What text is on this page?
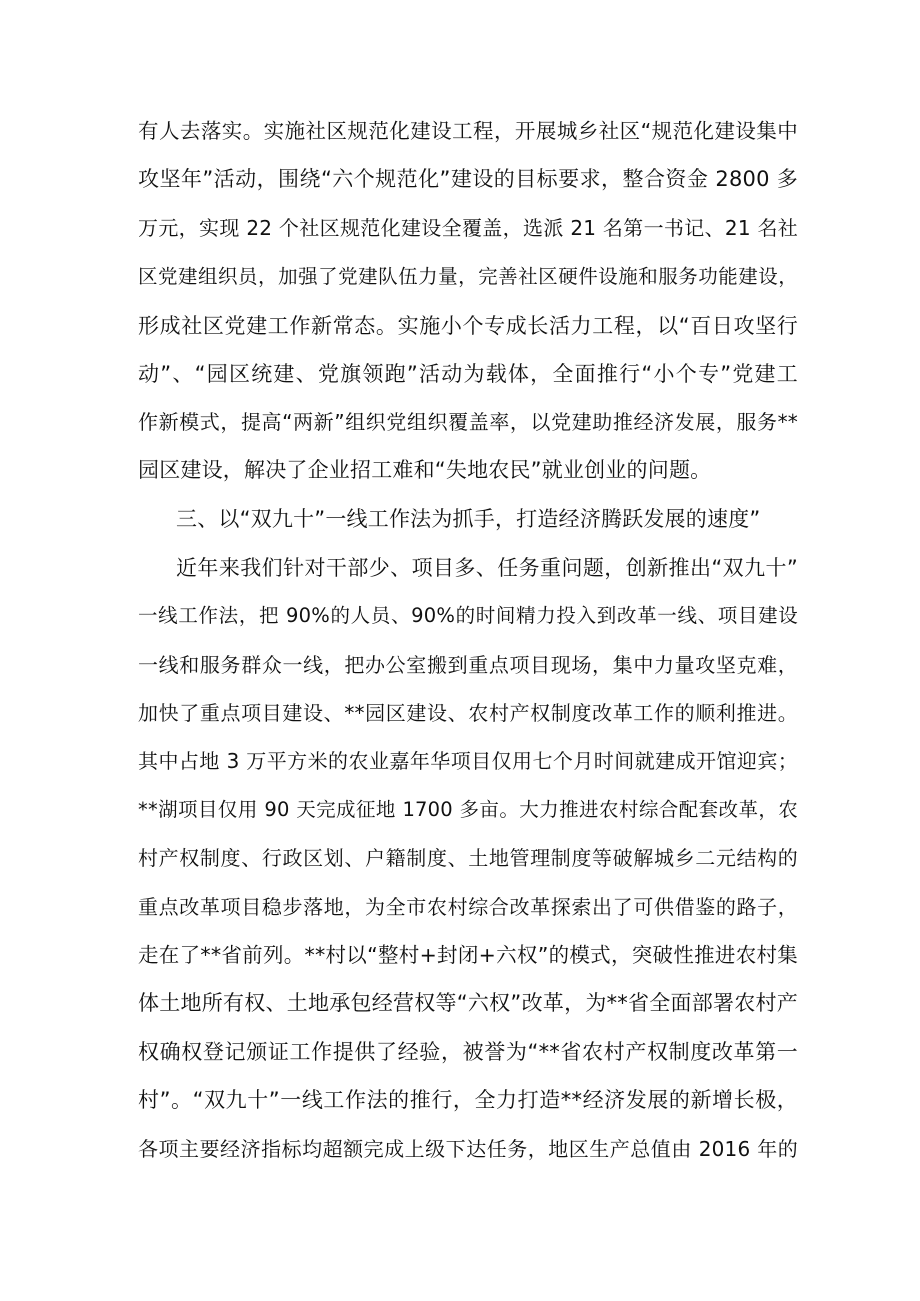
有人去落实。实施社区规范化建设工程，开展城乡社区“规范化建设集中
攻坚年”活动，围绕“六个规范化”建设的目标要求，整合资金 2800 多
万元，实现 22 个社区规范化建设全覆盖，选派 21 名第一书记、21 名社
区党建组织员，加强了党建队伍力量，完善社区硬件设施和服务功能建设，
形成社区党建工作新常态。实施小个专成长活力工程，以“百日攻坚行
动”、“园区统建、党旗领跑”活动为载体，全面推行“小个专”党建工
作新模式，提高“两新”组织党组织覆盖率，以党建助推经济发展，服务**
园区建设，解决了企业招工难和“失地农民”就业创业的问题。
三、以“双九十”一线工作法为抓手，打造经济腾跃发展的速度”
近年来我们针对干部少、项目多、任务重问题，创新推出“双九十”
一线工作法，把 90%的人员、90%的时间精力投入到改革一线、项目建设
一线和服务群众一线，把办公室搬到重点项目现场，集中力量攻坚克难，
加快了重点项目建设、**园区建设、农村产权制度改革工作的顺利推进。
其中占地 3 万平方米的农业嘉年华项目仅用七个月时间就建成开馆迎宾；
**湖项目仅用 90 天完成征地 1700 多亩。大力推进农村综合配套改革，农
村产权制度、行政区划、户籍制度、土地管理制度等破解城乡二元结构的
重点改革项目稳步落地，为全市农村综合改革探索出了可供借鉴的路子，
走在了**省前列。**村以“整村+封闭+六权”的模式，突破性推进农村集
体土地所有权、土地承包经营权等“六权”改革，为**省全面部署农村产
权确权登记颁证工作提供了经验，被誉为“**省农村产权制度改革第一
村”。“双九十”一线工作法的推行，全力打造**经济发展的新增长极，
各项主要经济指标均超额完成上级下达任务，地区生产总值由 2016 年的
